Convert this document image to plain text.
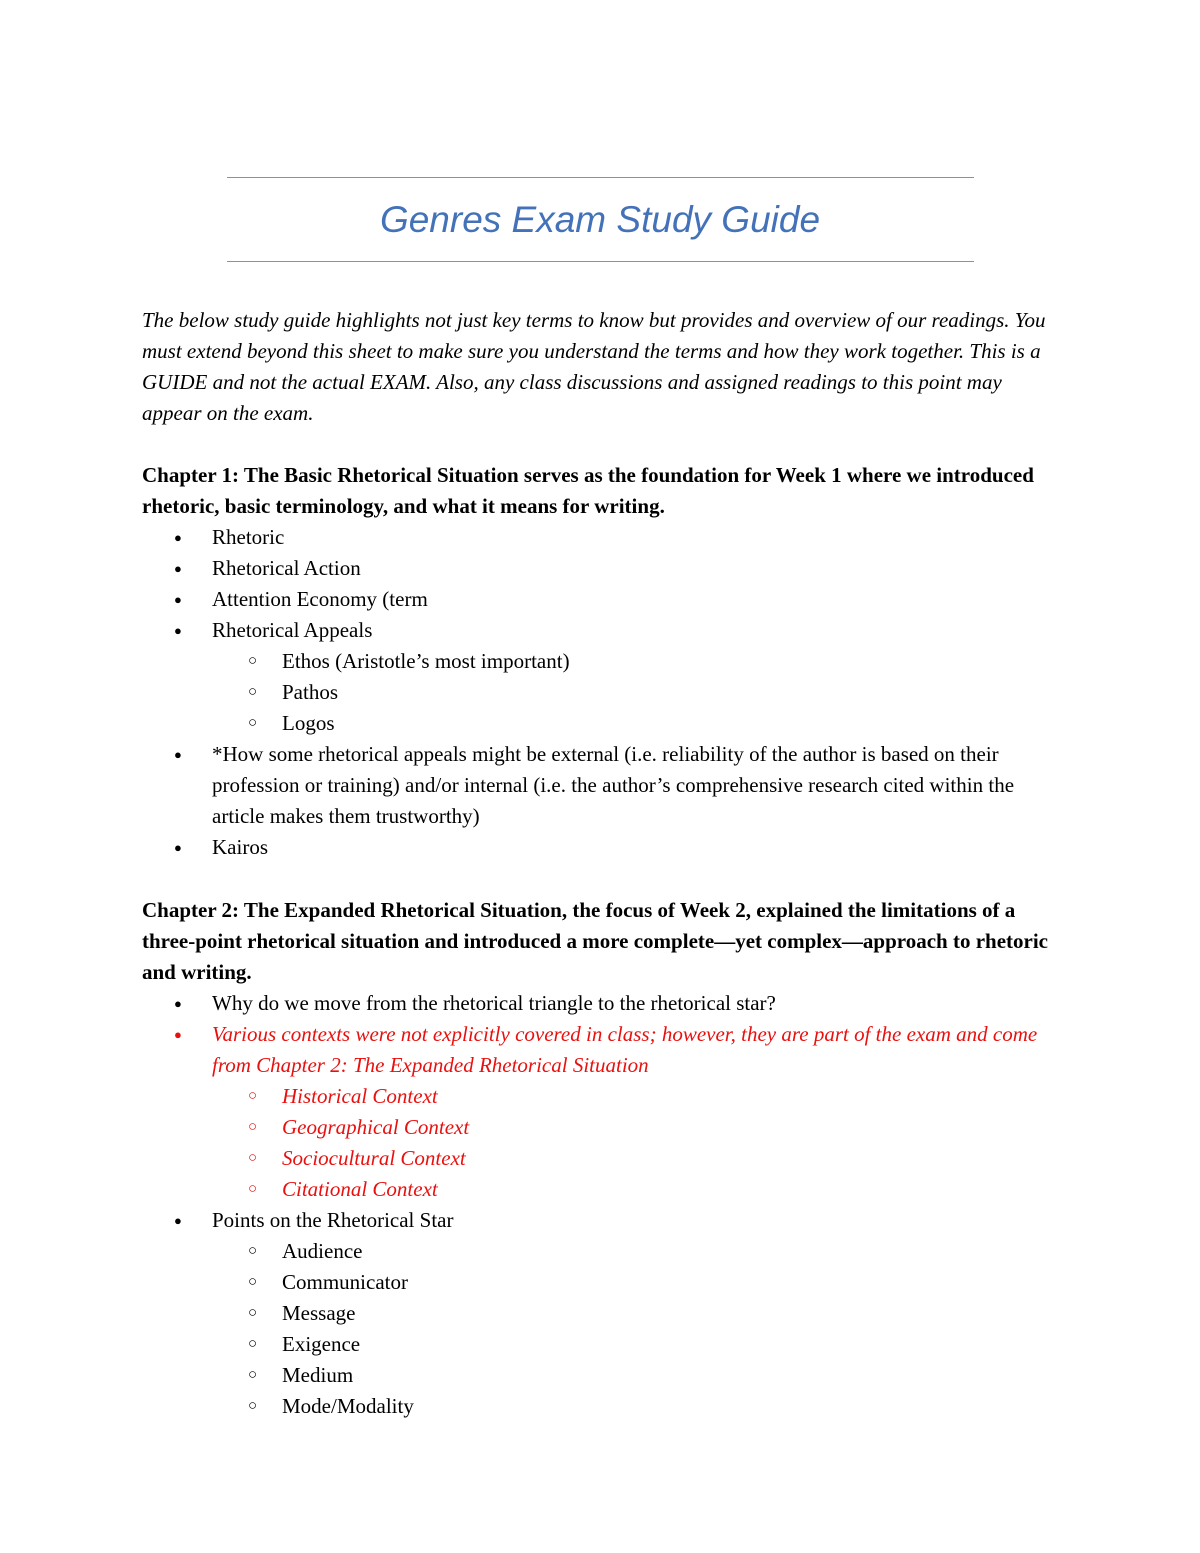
Genres Exam Study Guide

The below study guide highlights not just key terms to know but provides and overview of our readings. You must extend beyond this sheet to make sure you understand the terms and how they work together. This is a GUIDE and not the actual EXAM. Also, any class discussions and assigned readings to this point may appear on the exam.

Chapter 1: The Basic Rhetorical Situation serves as the foundation for Week 1 where we introduced rhetoric, basic terminology, and what it means for writing.

● Rhetoric
● Rhetorical Action
● Attention Economy (term
● Rhetorical Appeals
○ Ethos (Aristotle’s most important)
○ Pathos
○ Logos
● *How some rhetorical appeals might be external (i.e. reliability of the author is based on their profession or training) and/or internal (i.e. the author’s comprehensive research cited within the article makes them trustworthy)
● Kairos

Chapter 2: The Expanded Rhetorical Situation, the focus of Week 2, explained the limitations of a three-point rhetorical situation and introduced a more complete—yet complex—approach to rhetoric and writing.

● Why do we move from the rhetorical triangle to the rhetorical star?
● Various contexts were not explicitly covered in class; however, they are part of the exam and come from Chapter 2: The Expanded Rhetorical Situation
○ Historical Context
○ Geographical Context
○ Sociocultural Context
○ Citational Context
● Points on the Rhetorical Star
○ Audience
○ Communicator
○ Message
○ Exigence
○ Medium
○ Mode/Modality
